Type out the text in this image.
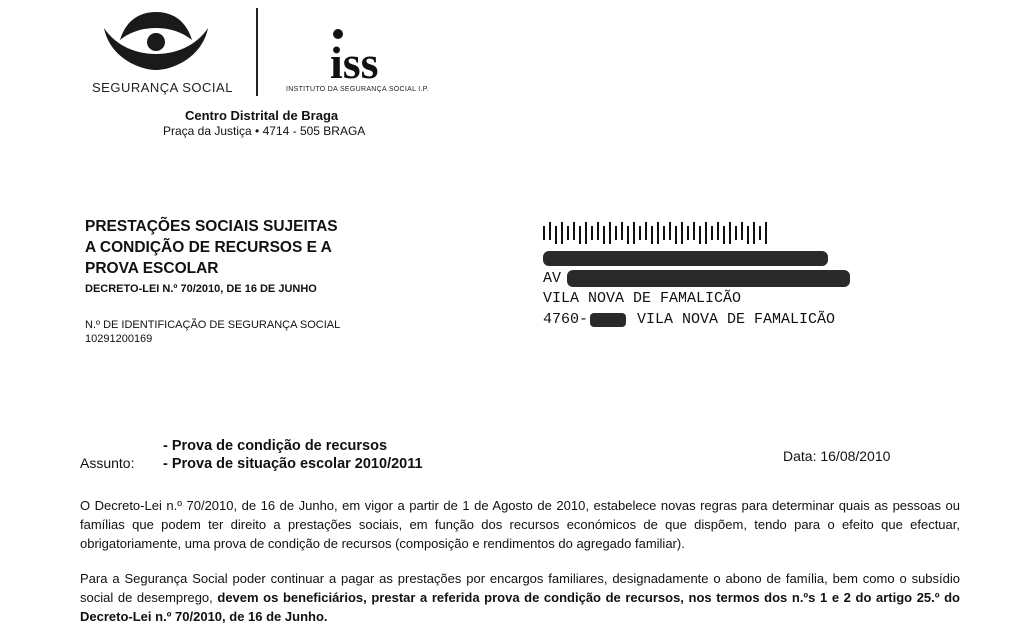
SEGURANÇA SOCIAL iss
INSTITUTO DA SEGURANÇA SOCIAL I.P.
Centro Distrital de Braga
Praça da Justiça • 4714 - 505 BRAGA
PRESTAÇÕES SOCIAIS SUJEITAS
A CONDIÇÃO DE RECURSOS E A
PROVA ESCOLAR
DECRETO-LEI N.º 70/2010, DE 16 DE JUNHO
N.º DE IDENTIFICAÇÃO DE SEGURANÇA SOCIAL
10291200169
AV
VILA NOVA DE FAMALICÃO
4760-	VILA NOVA DE FAMALICÃO
Assunto:
- Prova de condição de recursos
- Prova de situação escolar 2010/2011	Data: 16/08/2010
O Decreto-Lei n.º 70/2010, de 16 de Junho, em vigor a partir de 1 de Agosto de 2010, estabelece novas regras para determinar quais as pessoas ou famílias que podem ter direito a prestações sociais, em função dos recursos económicos de que dispõem, tendo para o efeito que efectuar, obrigatoriamente, uma prova de condição de recursos (composição e rendimentos do agregado familiar).
Para a Segurança Social poder continuar a pagar as prestações por encargos familiares, designadamente o abono de família, bem como o subsídio social de desemprego, devem os beneficiários, prestar a referida prova de condição de recursos, nos termos dos n.ºs 1 e 2 do artigo 25.º do Decreto-Lei n.º 70/2010, de 16 de Junho.
